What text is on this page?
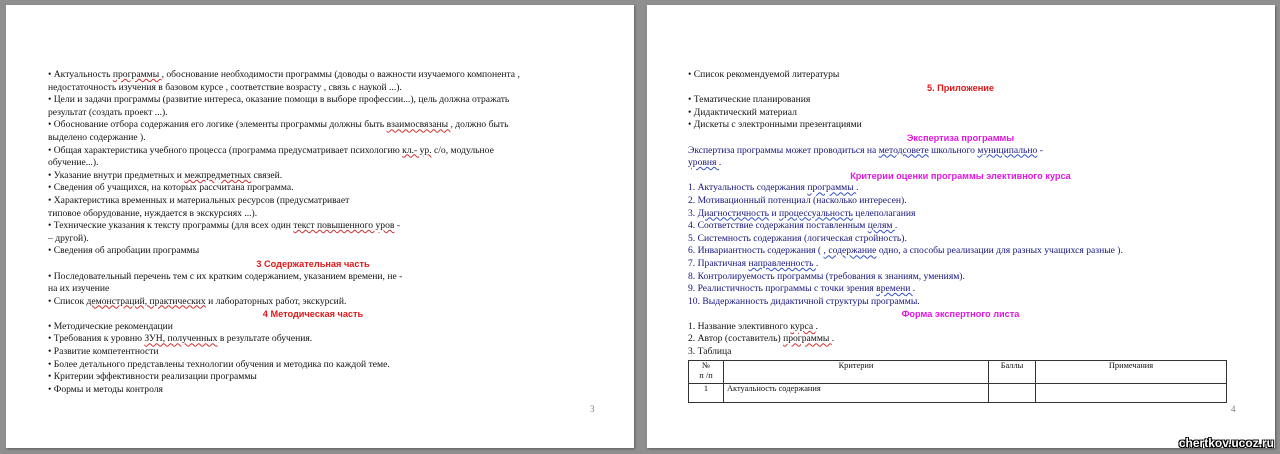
• Актуальность программы , обоснование необходимости программы (доводы о важности изучаемого компонента ,
недостаточность изучения в базовом курсе , соответствие возрасту , связь с наукой ...).
• Цели и задачи программы (развитие интереса, оказание помощи в выборе профессии...), цель должна отражать
результат (создать проект ...).
• Обоснование отбора содержания его логике (элементы программы должны быть взаимосвязаны , должно быть
выделено содержание ).
• Общая характеристика учебного процесса (программа предусматривает психологию кл.- ур. с/о, модульное
обучение...).
• Указание внутри предметных и межпредметных связей.
• Сведения об учащихся, на которых рассчитана программа.
• Характеристика временных и материальных ресурсов (предусматривает
типовое оборудование, нуждается в экскурсиях ...).
• Технические указания к тексту программы (для всех один текст повышенного уров -
– другой).
• Сведения об апробации программы
3 Содержательная часть
• Последовательный перечень тем с их кратким содержанием, указанием времени, не -
на их изучение
• Список демонстраций, практических и лабораторных работ, экскурсий.
4 Методическая часть
• Методические рекомендации
• Требования к уровню ЗУН, полученных в результате обучения.
• Развитие компетентности
• Более детального представлены технологии обучения и методика по каждой теме.
• Критерии эффективности реализации программы
• Формы и методы контроля
3
• Список рекомендуемой литературы
5. Приложение
• Тематические планирования
• Дидактический материал
• Дискеты с электронными презентациями
Экспертиза программы
Экспертиза программы может проводиться на методсовете школьного муниципально -
уровня .
Критерии оценки программы элективного курса
1. Актуальность содержания программы .
2. Мотивационный потенциал (насколько интересен).
3. Диагностичность и процессуальность целеполагания
4. Соответствие содержания поставленным целям .
5. Системность содержания (логическая стройность).
6. Инвариантность содержания ( , содержание одно, а способы реализации для разных учащихся разные ).
7. Практичная направленность .
8. Контролируемость программы (требования к знаниям, умениям).
9. Реалистичность программы с точки зрения времени .
10. Выдержанность дидактичной структуры программы.
Форма экспертного листа
1. Название элективного курса .
2. Автор (составитель) программы .
3. Таблица
№
п /п	Критерии	Баллы	Примечания
1	Актуальность содержания		
4
chertkov.ucoz.ru
